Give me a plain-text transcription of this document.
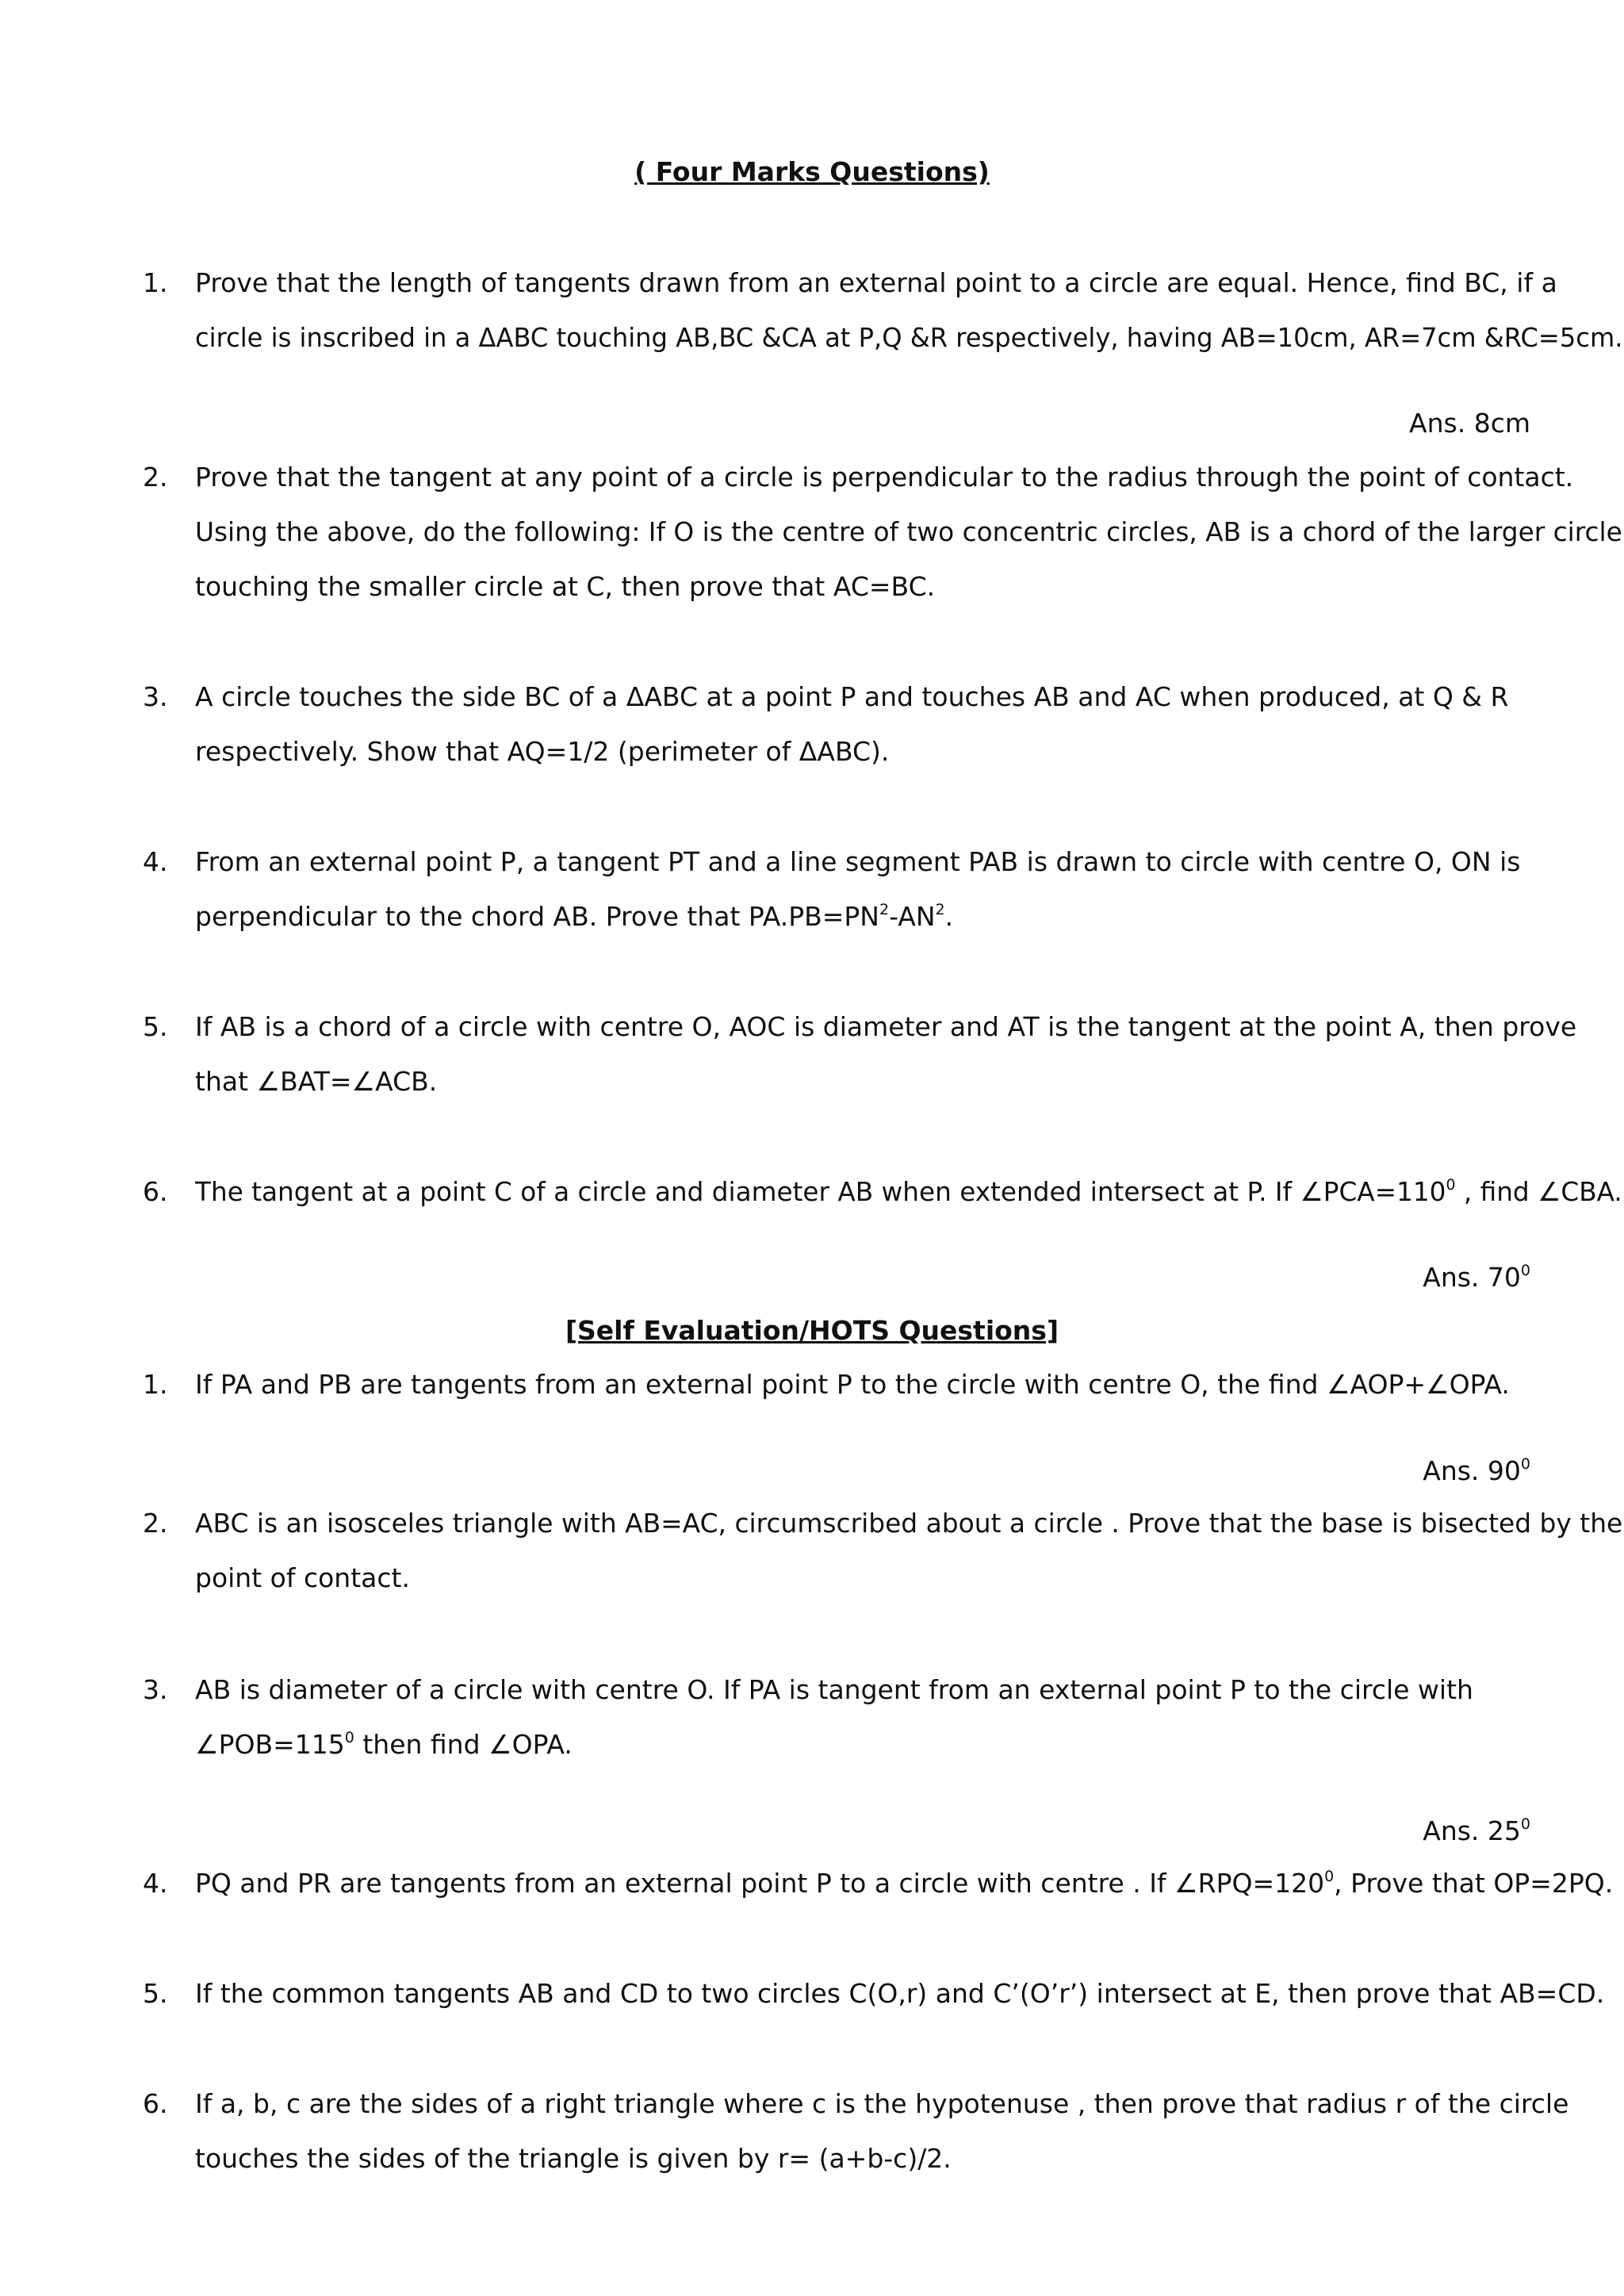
( Four Marks Questions)
1. Prove that the length of tangents drawn from an external point to a circle are equal. Hence, find BC, if a
circle is inscribed in a ΔABC touching AB,BC &CA at P,Q &R respectively, having AB=10cm, AR=7cm &RC=5cm.
Ans. 8cm
2. Prove that the tangent at any point of a circle is perpendicular to the radius through the point of contact.
Using the above, do the following: If O is the centre of two concentric circles, AB is a chord of the larger circle
touching the smaller circle at C, then prove that AC=BC.
3. A circle touches the side BC of a ΔABC at a point P and touches AB and AC when produced, at Q & R
respectively. Show that AQ=1/2 (perimeter of ΔABC).
4. From an external point P, a tangent PT and a line segment PAB is drawn to circle with centre O, ON is
perpendicular to the chord AB. Prove that $PA.PB=PN^2-AN^2$.
5. If AB is a chord of a circle with centre O, AOC is diameter and AT is the tangent at the point A, then prove
that ∠BAT=∠ACB.
6. The tangent at a point C of a circle and diameter AB when extended intersect at P. If $\angle PCA=110^0$ , find ∠CBA.
Ans. $70^0$
[Self Evaluation/HOTS Questions]
1. If PA and PB are tangents from an external point P to the circle with centre O, the find ∠AOP+∠OPA.
Ans. $90^0$
2. ABC is an isosceles triangle with AB=AC, circumscribed about a circle . Prove that the base is bisected by the
point of contact.
3. AB is diameter of a circle with centre O. If PA is tangent from an external point P to the circle with
$\angle POB=115^0$ then find ∠OPA.
Ans. $25^0$
4. PQ and PR are tangents from an external point P to a circle with centre . If $\angle RPQ=120^0$, Prove that OP=2PQ.
5. If the common tangents AB and CD to two circles C(O,r) and C’(O’r’) intersect at E, then prove that AB=CD.
6. If a, b, c are the sides of a right triangle where c is the hypotenuse , then prove that radius r of the circle
touches the sides of the triangle is given by r= (a+b-c)/2.
